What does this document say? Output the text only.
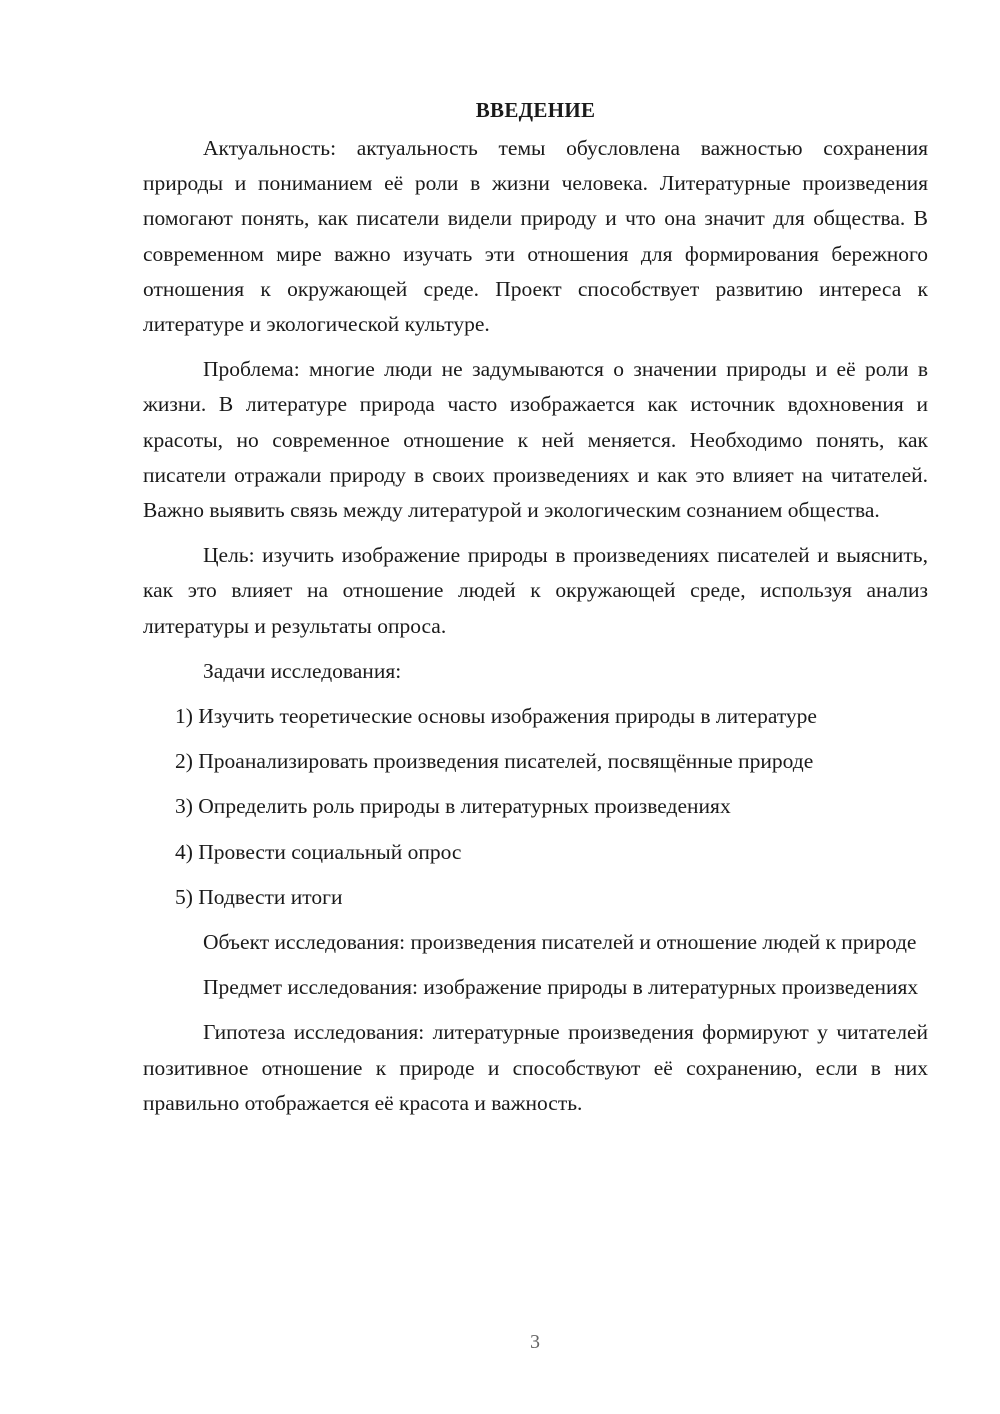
ВВЕДЕНИЕ

Актуальность: актуальность темы обусловлена важностью сохранения природы и пониманием её роли в жизни человека. Литературные произведения помогают понять, как писатели видели природу и что она значит для общества. В современном мире важно изучать эти отношения для формирования бережного отношения к окружающей среде. Проект способствует развитию интереса к литературе и экологической культуре.

Проблема: многие люди не задумываются о значении природы и её роли в жизни. В литературе природа часто изображается как источник вдохновения и красоты, но современное отношение к ней меняется. Необходимо понять, как писатели отражали природу в своих произведениях и как это влияет на читателей. Важно выявить связь между литературой и экологическим сознанием общества.

Цель: изучить изображение природы в произведениях писателей и выяснить, как это влияет на отношение людей к окружающей среде, используя анализ литературы и результаты опроса.

Задачи исследования:

1) Изучить теоретические основы изображения природы в литературе
2) Проанализировать произведения писателей, посвящённые природе
3) Определить роль природы в литературных произведениях
4) Провести социальный опрос
5) Подвести итоги

Объект исследования: произведения писателей и отношение людей к природе

Предмет исследования: изображение природы в литературных произведениях

Гипотеза исследования: литературные произведения формируют у читателей позитивное отношение к природе и способствуют её сохранению, если в них правильно отображается её красота и важность.

3
